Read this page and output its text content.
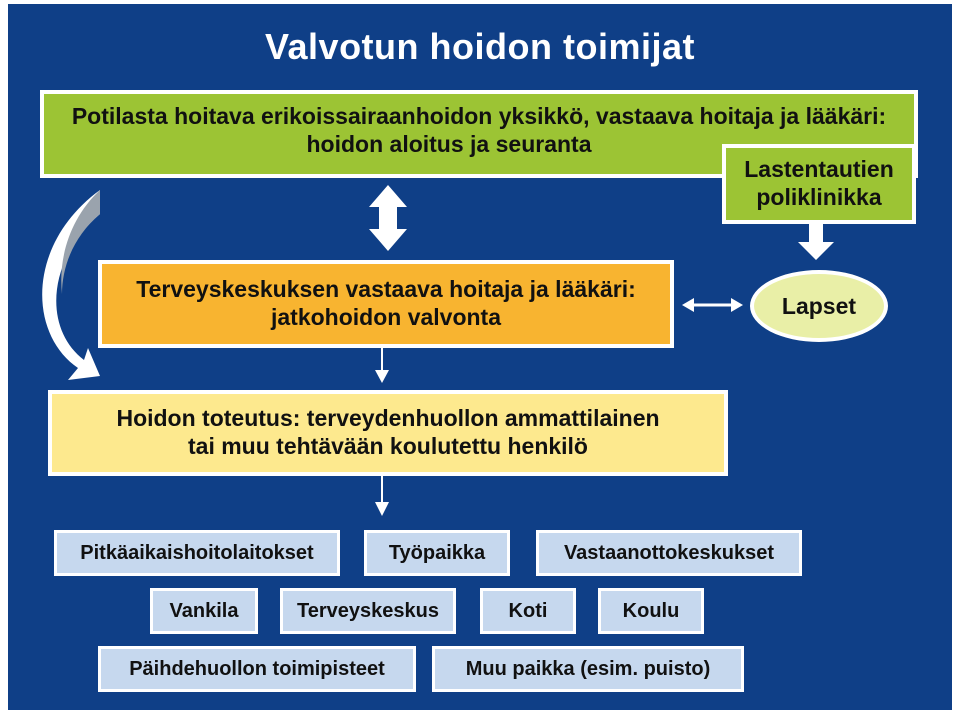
Valvotun hoidon toimijat
Potilasta hoitava erikoissairaanhoidon yksikkö, vastaava hoitaja ja lääkäri:
hoidon aloitus ja seuranta
Lastentautien
poliklinikka
Terveyskeskuksen vastaava hoitaja ja lääkäri:
jatkohoidon valvonta	Lapset
Hoidon toteutus: terveydenhuollon ammattilainen
tai muu tehtävään koulutettu henkilö
Pitkäaikaishoitolaitokset	Työpaikka	Vastaanottokeskukset
Vankila	Terveyskeskus	Koti	Koulu
Päihdehuollon toimipisteet	Muu paikka (esim. puisto)
